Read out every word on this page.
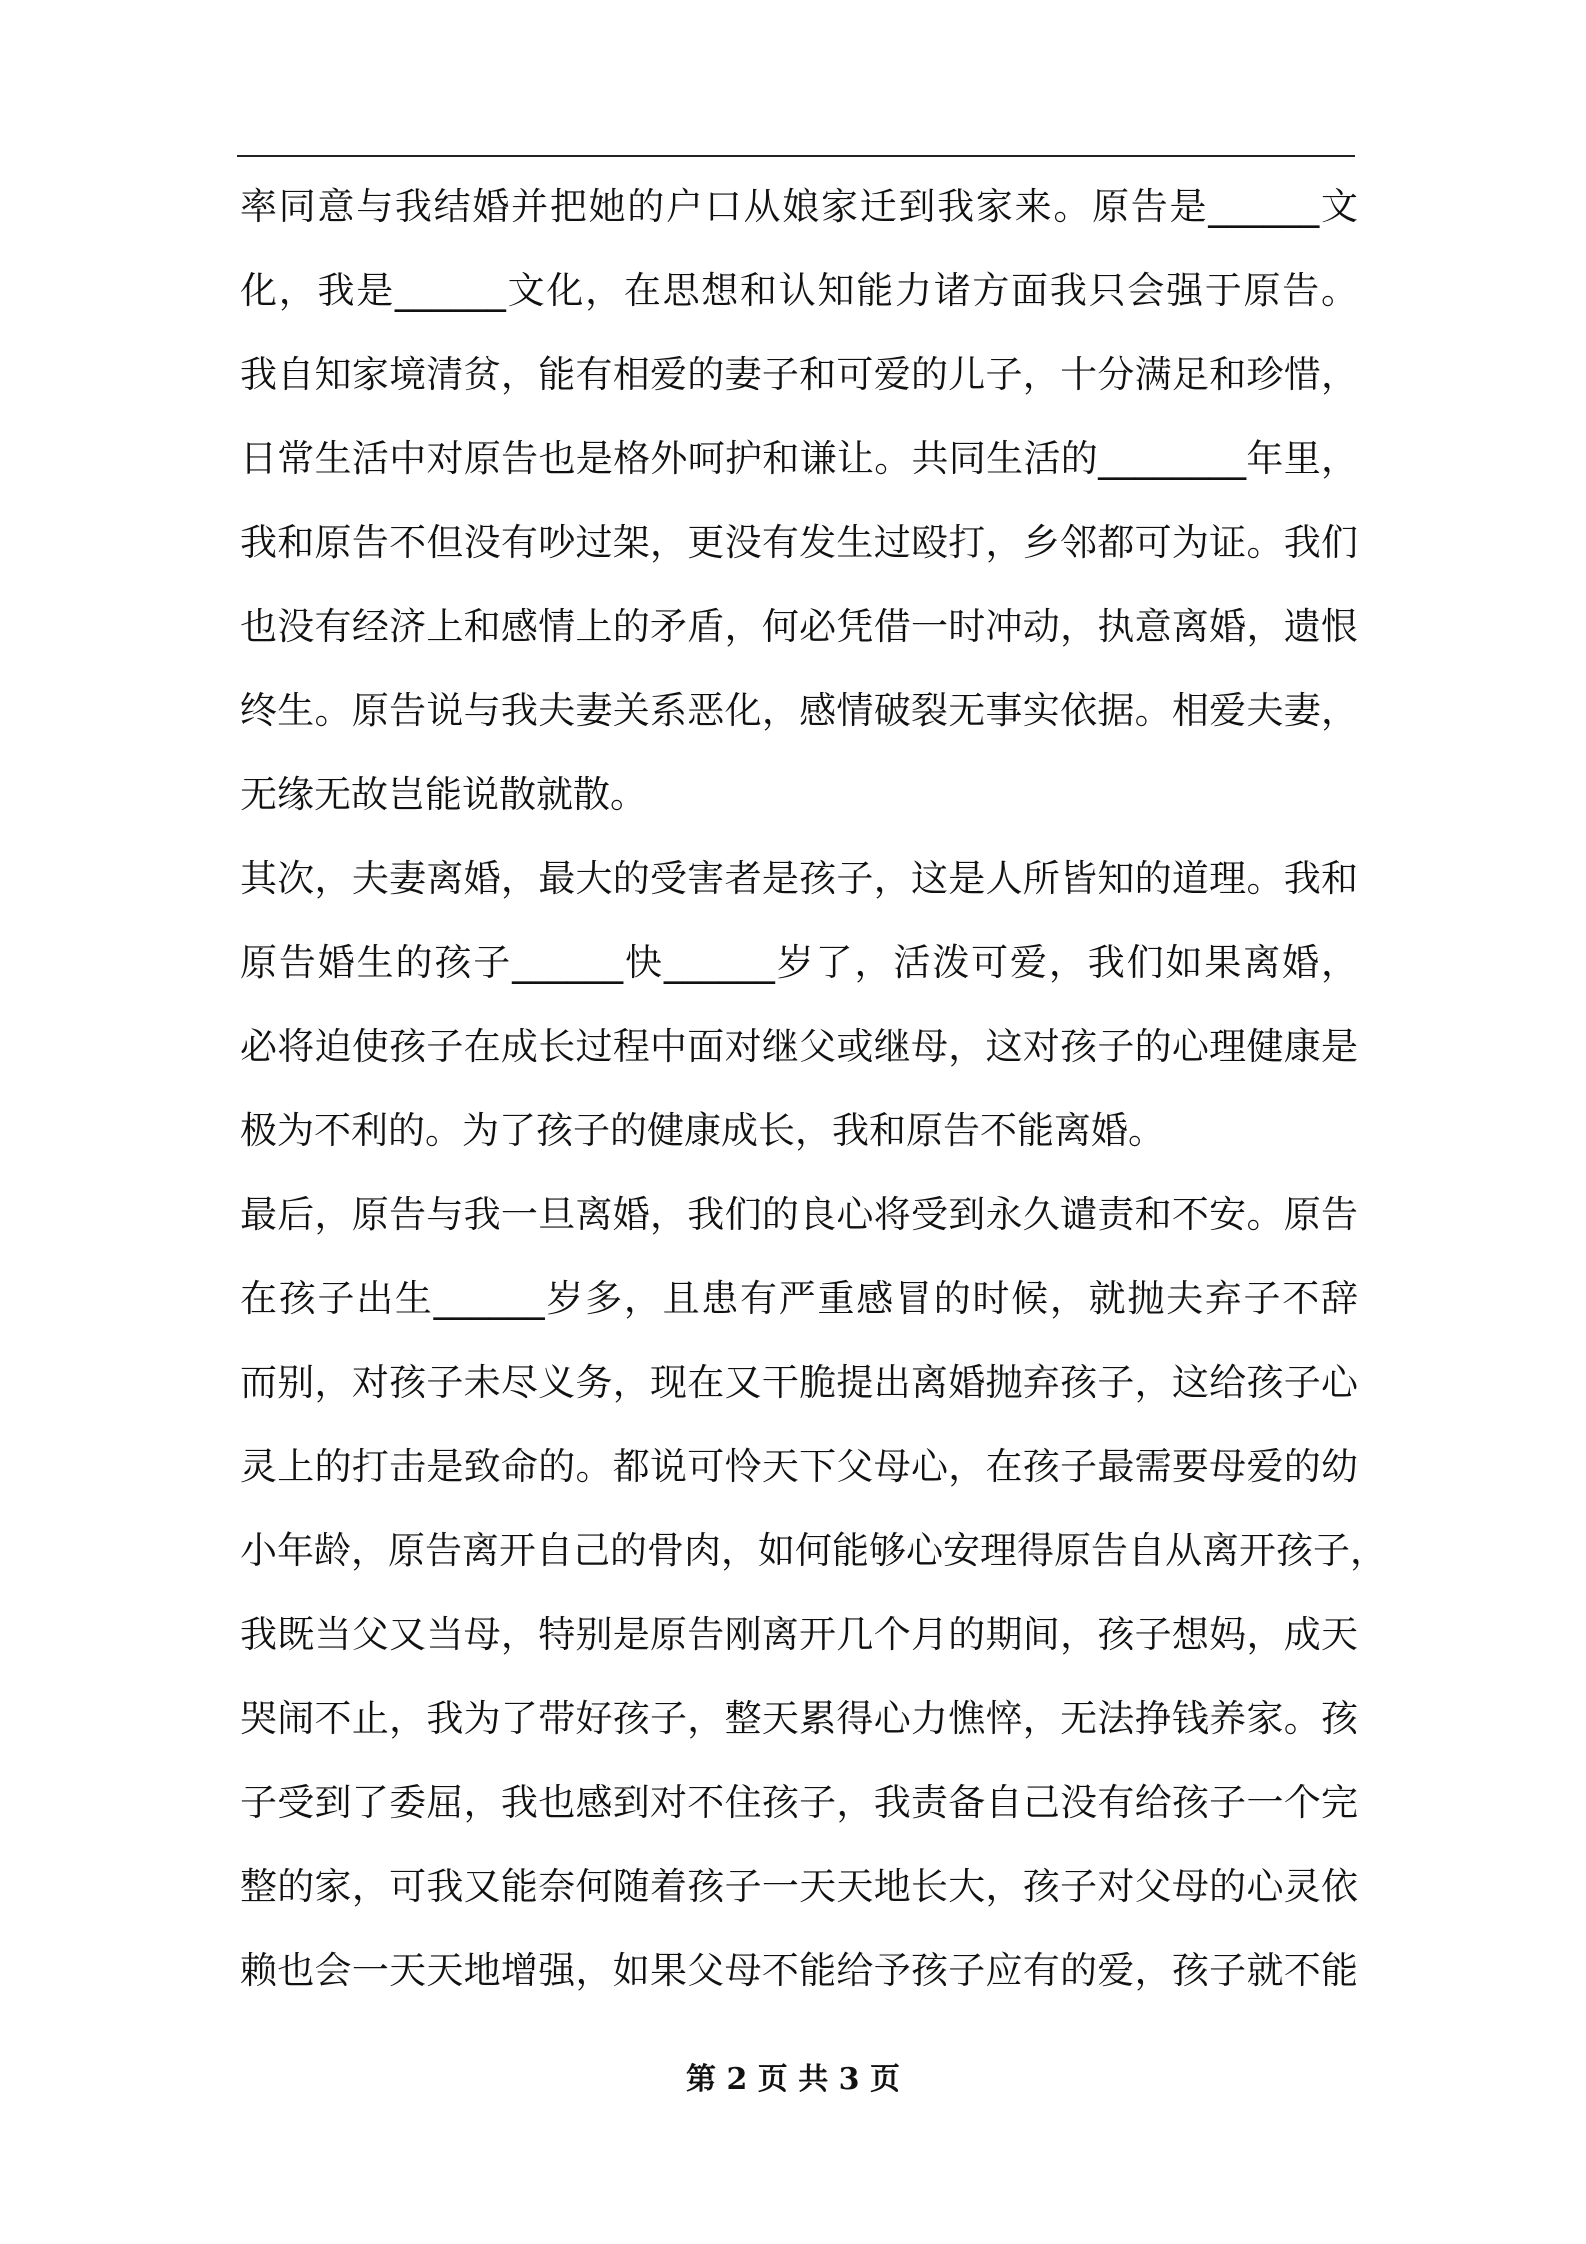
率同意与我结婚并把她的户口从娘家迁到我家来。原告是______文
化，我是______文化，在思想和认知能力诸方面我只会强于原告。
我自知家境清贫，能有相爱的妻子和可爱的儿子，十分满足和珍惜，
日常生活中对原告也是格外呵护和谦让。共同生活的________年里，
我和原告不但没有吵过架，更没有发生过殴打，乡邻都可为证。我们
也没有经济上和感情上的矛盾，何必凭借一时冲动，执意离婚，遗恨
终生。原告说与我夫妻关系恶化，感情破裂无事实依据。相爱夫妻，
无缘无故岂能说散就散。
其次，夫妻离婚，最大的受害者是孩子，这是人所皆知的道理。我和
原告婚生的孩子______快______岁了，活泼可爱，我们如果离婚，
必将迫使孩子在成长过程中面对继父或继母，这对孩子的心理健康是
极为不利的。为了孩子的健康成长，我和原告不能离婚。
最后，原告与我一旦离婚，我们的良心将受到永久谴责和不安。原告
在孩子出生______岁多，且患有严重感冒的时候，就抛夫弃子不辞
而别，对孩子未尽义务，现在又干脆提出离婚抛弃孩子，这给孩子心
灵上的打击是致命的。都说可怜天下父母心，在孩子最需要母爱的幼
小年龄，原告离开自己的骨肉，如何能够心安理得原告自从离开孩子，
我既当父又当母，特别是原告刚离开几个月的期间，孩子想妈，成天
哭闹不止，我为了带好孩子，整天累得心力憔悴，无法挣钱养家。孩
子受到了委屈，我也感到对不住孩子，我责备自己没有给孩子一个完
整的家，可我又能奈何随着孩子一天天地长大，孩子对父母的心灵依
赖也会一天天地增强，如果父母不能给予孩子应有的爱，孩子就不能
第 2 页 共 3 页
